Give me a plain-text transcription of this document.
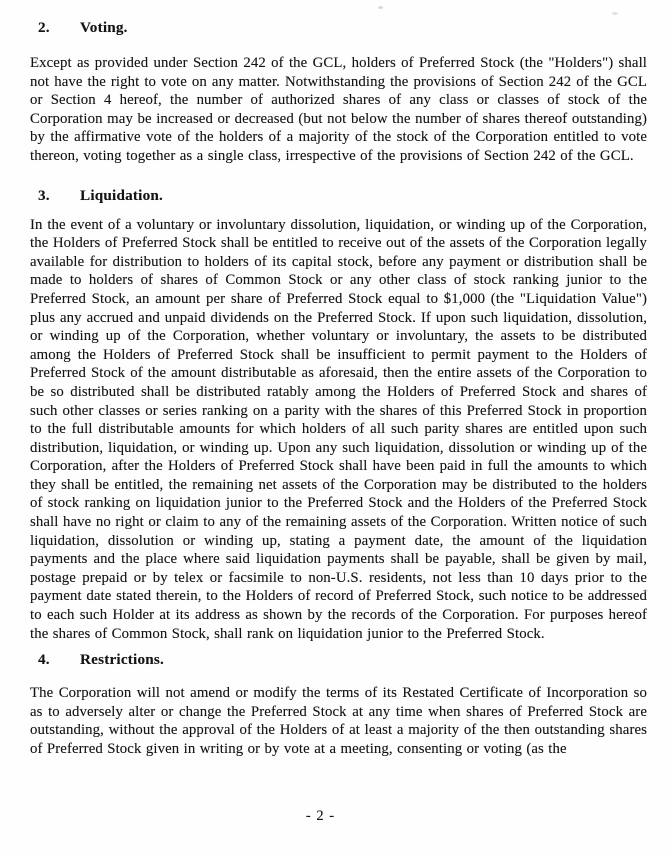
2.	Voting.

Except as provided under Section 242 of the GCL, holders of Preferred Stock (the "Holders") shall not have the right to vote on any matter. Notwithstanding the provisions of Section 242 of the GCL or Section 4 hereof, the number of authorized shares of any class or classes of stock of the Corporation may be increased or decreased (but not below the number of shares thereof outstanding) by the affirmative vote of the holders of a majority of the stock of the Corporation entitled to vote thereon, voting together as a single class, irrespective of the provisions of Section 242 of the GCL.

3.	Liquidation.

In the event of a voluntary or involuntary dissolution, liquidation, or winding up of the Corporation, the Holders of Preferred Stock shall be entitled to receive out of the assets of the Corporation legally available for distribution to holders of its capital stock, before any payment or distribution shall be made to holders of shares of Common Stock or any other class of stock ranking junior to the Preferred Stock, an amount per share of Preferred Stock equal to $1,000 (the "Liquidation Value") plus any accrued and unpaid dividends on the Preferred Stock. If upon such liquidation, dissolution, or winding up of the Corporation, whether voluntary or involuntary, the assets to be distributed among the Holders of Preferred Stock shall be insufficient to permit payment to the Holders of Preferred Stock of the amount distributable as aforesaid, then the entire assets of the Corporation to be so distributed shall be distributed ratably among the Holders of Preferred Stock and shares of such other classes or series ranking on a parity with the shares of this Preferred Stock in proportion to the full distributable amounts for which holders of all such parity shares are entitled upon such distribution, liquidation, or winding up. Upon any such liquidation, dissolution or winding up of the Corporation, after the Holders of Preferred Stock shall have been paid in full the amounts to which they shall be entitled, the remaining net assets of the Corporation may be distributed to the holders of stock ranking on liquidation junior to the Preferred Stock and the Holders of the Preferred Stock shall have no right or claim to any of the remaining assets of the Corporation. Written notice of such liquidation, dissolution or winding up, stating a payment date, the amount of the liquidation payments and the place where said liquidation payments shall be payable, shall be given by mail, postage prepaid or by telex or facsimile to non-U.S. residents, not less than 10 days prior to the payment date stated therein, to the Holders of record of Preferred Stock, such notice to be addressed to each such Holder at its address as shown by the records of the Corporation. For purposes hereof the shares of Common Stock, shall rank on liquidation junior to the Preferred Stock.

4.	Restrictions.

The Corporation will not amend or modify the terms of its Restated Certificate of Incorporation so as to adversely alter or change the Preferred Stock at any time when shares of Preferred Stock are outstanding, without the approval of the Holders of at least a majority of the then outstanding shares of Preferred Stock given in writing or by vote at a meeting, consenting or voting (as the

- 2 -
